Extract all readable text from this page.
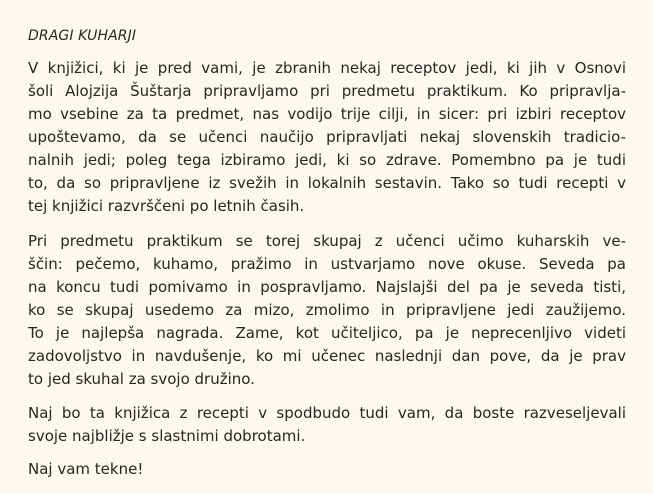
DRAGI KUHARJI
V knjižici, ki je pred vami, je zbranih nekaj receptov jedi, ki jih v Osnovi
šoli Alojzija Šuštarja pripravljamo pri predmetu praktikum. Ko pripravlja-
mo vsebine za ta predmet, nas vodijo trije cilji, in sicer: pri izbiri receptov
upoštevamo, da se učenci naučijo pripravljati nekaj slovenskih tradicio-
nalnih jedi; poleg tega izbiramo jedi, ki so zdrave. Pomembno pa je tudi
to, da so pripravljene iz svežih in lokalnih sestavin. Tako so tudi recepti v
tej knjižici razvrščeni po letnih časih.
Pri predmetu praktikum se torej skupaj z učenci učimo kuharskih ve-
ščin: pečemo, kuhamo, pražimo in ustvarjamo nove okuse. Seveda pa
na koncu tudi pomivamo in pospravljamo. Najslajši del pa je seveda tisti,
ko se skupaj usedemo za mizo, zmolimo in pripravljene jedi zaužijemo.
To je najlepša nagrada. Zame, kot učiteljico, pa je neprecenljivo videti
zadovoljstvo in navdušenje, ko mi učenec naslednji dan pove, da je prav
to jed skuhal za svojo družino.
Naj bo ta knjižica z recepti v spodbudo tudi vam, da boste razveseljevali
svoje najbližje s slastnimi dobrotami.
Naj vam tekne!
